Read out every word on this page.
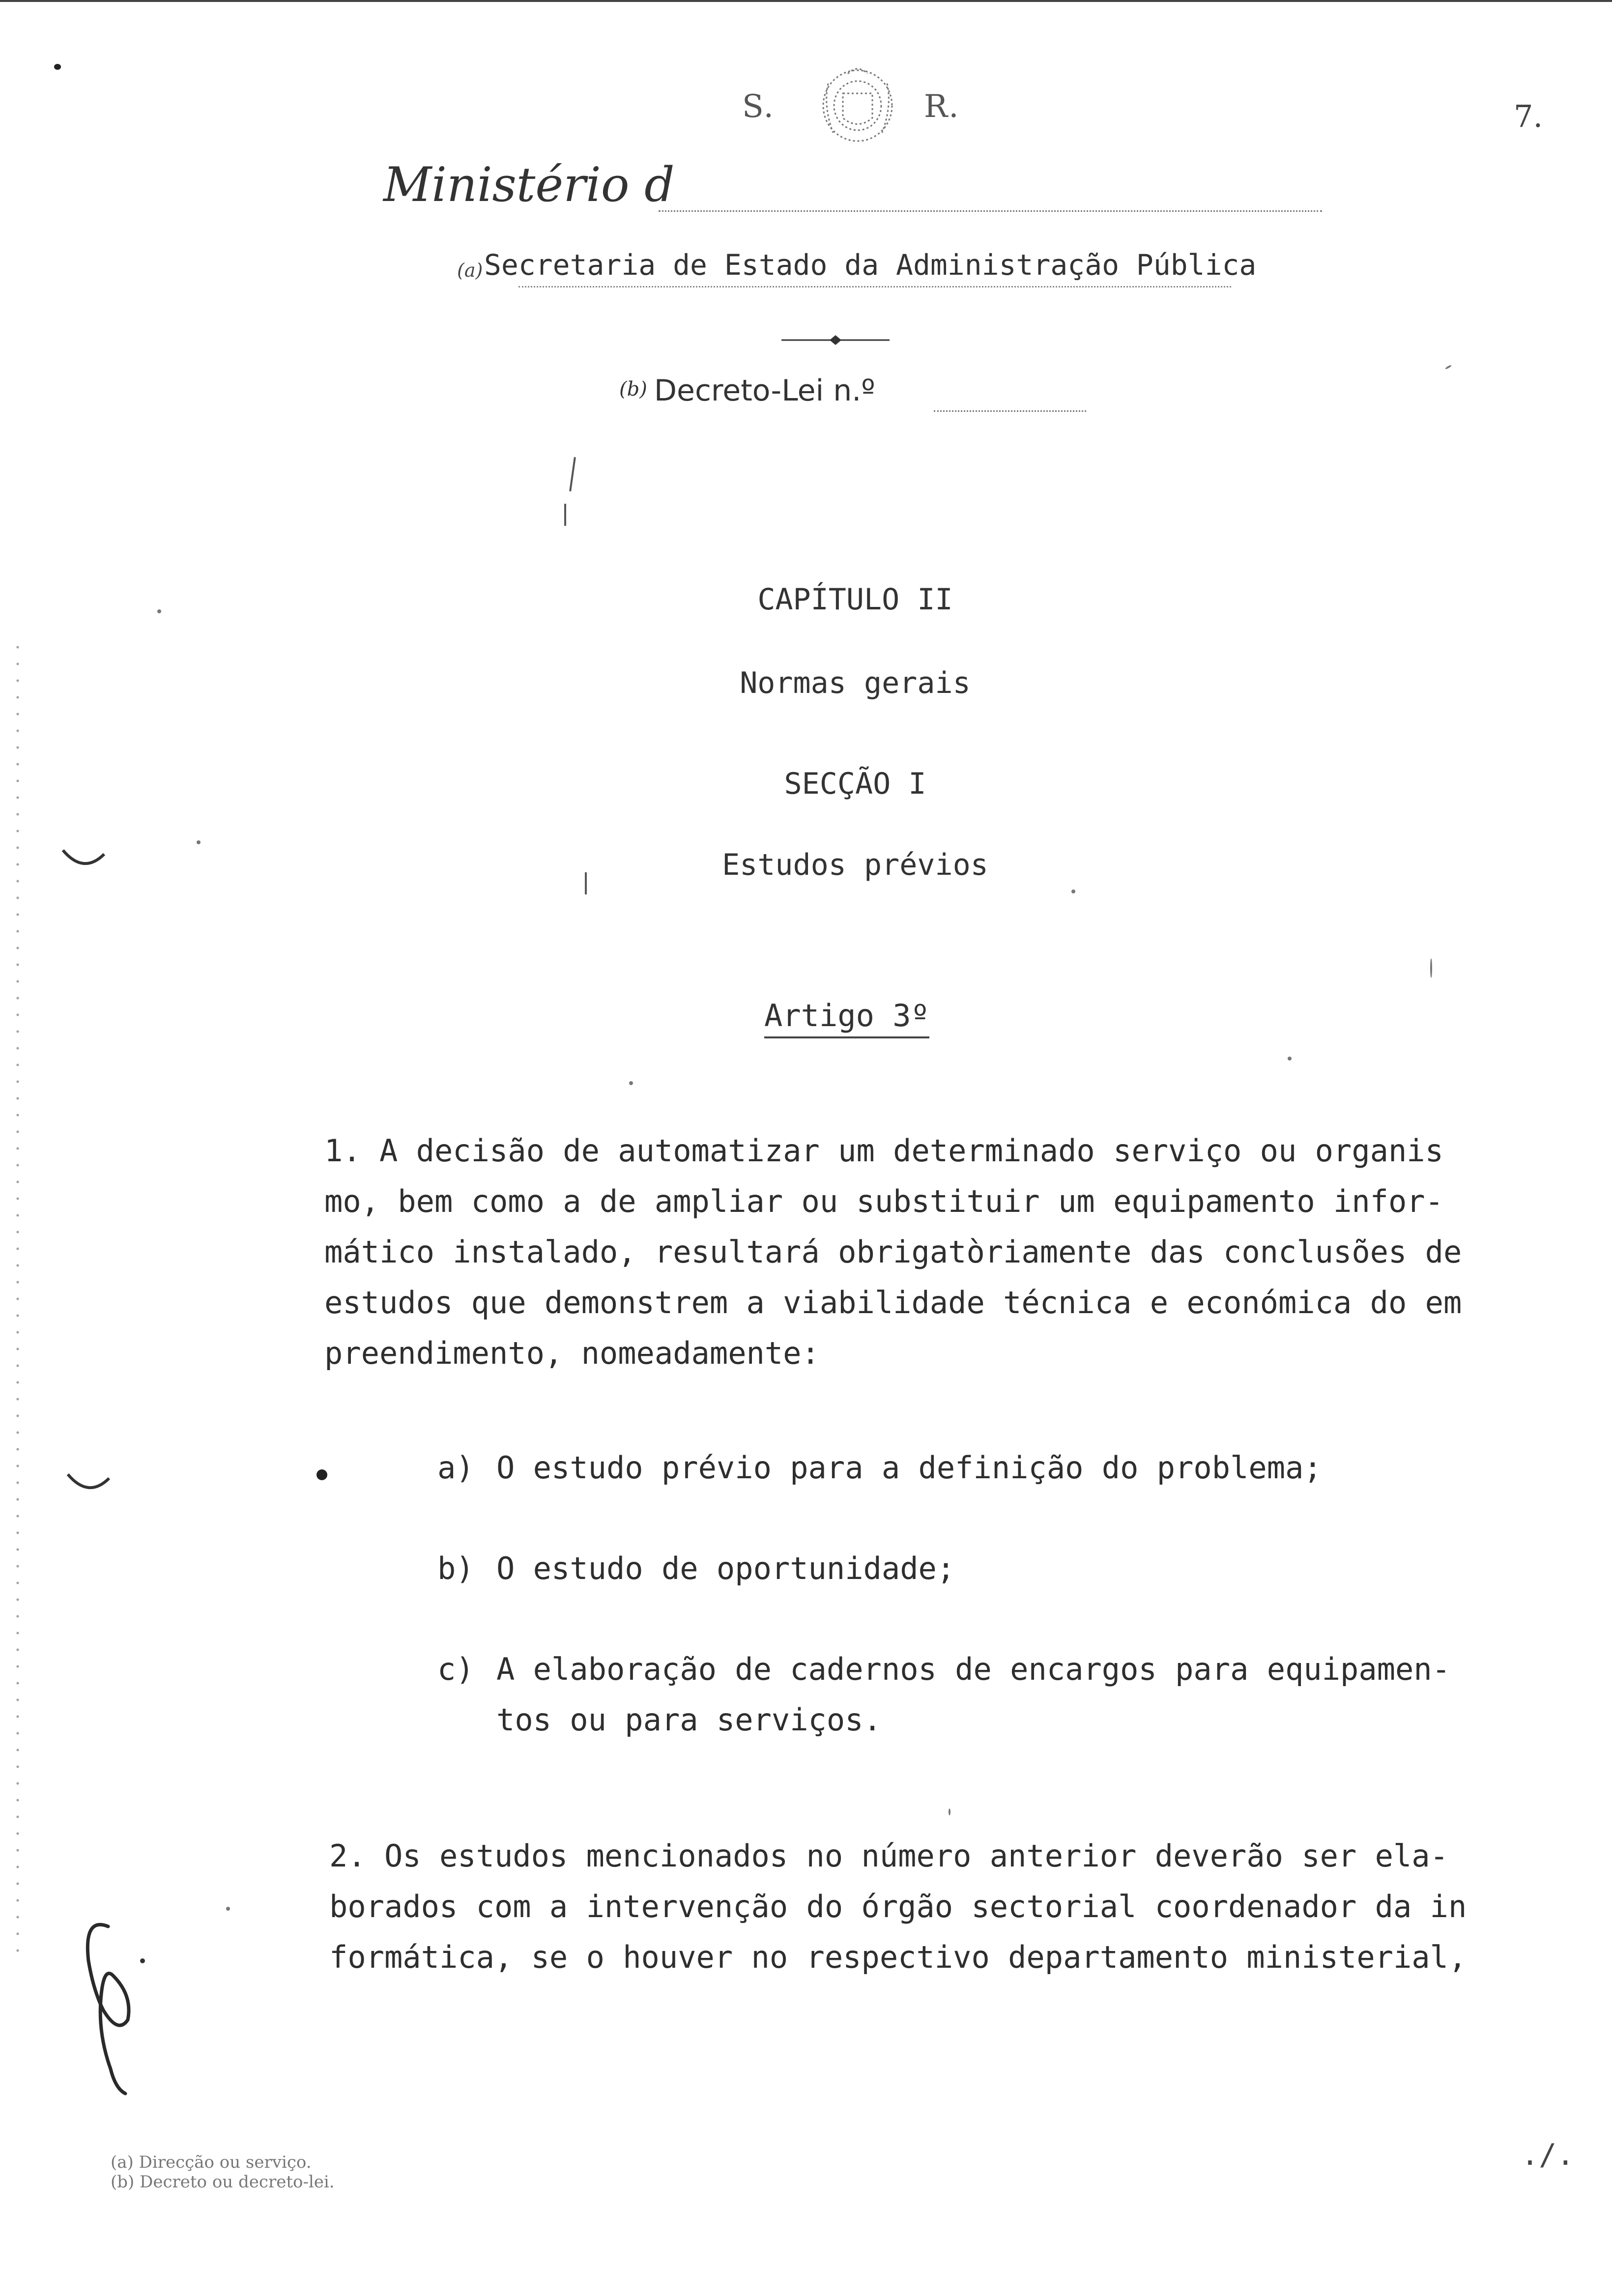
S.	R.	7.
Ministério d
(a) Secretaria de Estado da Administração Pública
(b) Decreto-Lei n.º
CAPÍTULO II
Normas gerais
SECÇÃO I
Estudos prévios
Artigo 3º
1. A decisão de automatizar um determinado serviço ou organis
mo, bem como a de ampliar ou substituir um equipamento infor-
mático instalado, resultará obrigatòriamente das conclusões de
estudos que demonstrem a viabilidade técnica e económica do em
preendimento, nomeadamente:
a) O estudo prévio para a definição do problema;
b) O estudo de oportunidade;
c) A elaboração de cadernos de encargos para equipamen-
tos ou para serviços.
2. Os estudos mencionados no número anterior deverão ser ela-
borados com a intervenção do órgão sectorial coordenador da in
formática, se o houver no respectivo departamento ministerial,
./.
(a) Direcção ou serviço.
(b) Decreto ou decreto-lei.
